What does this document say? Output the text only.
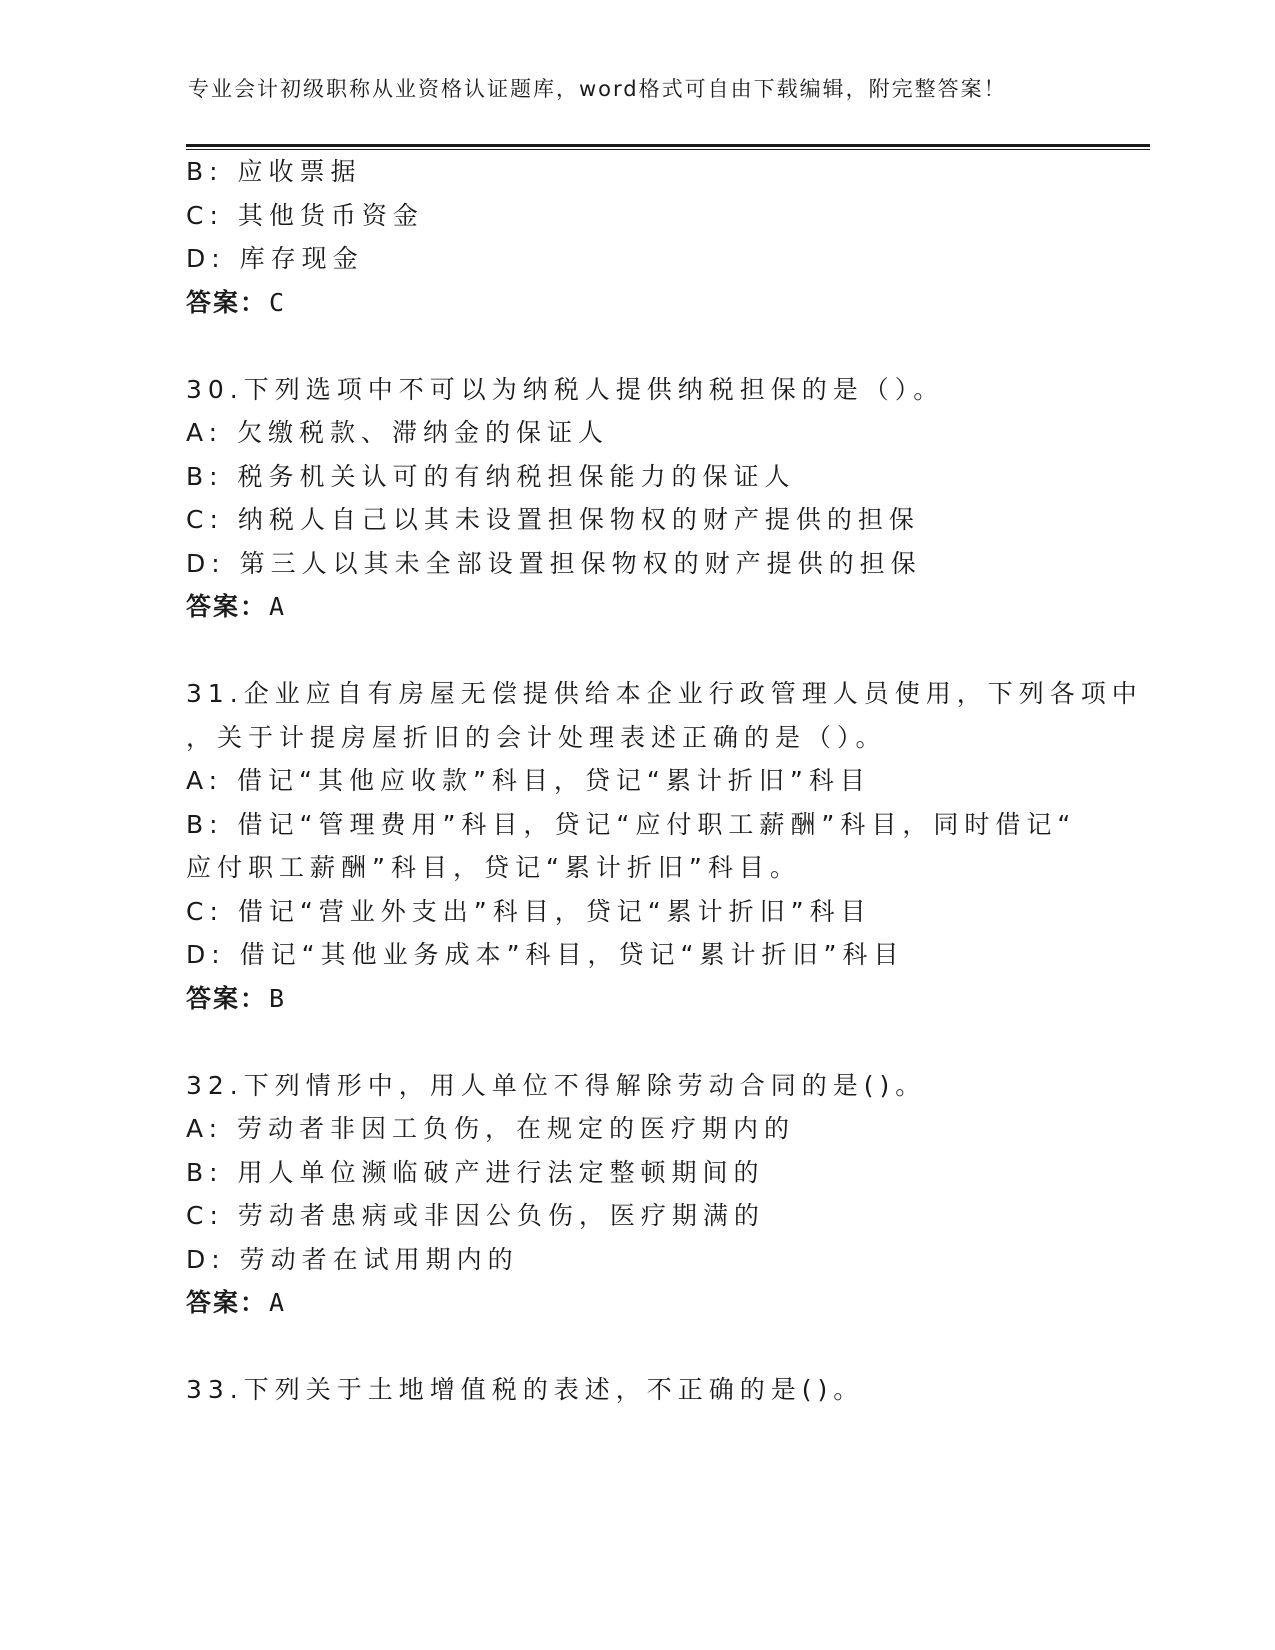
专业会计初级职称从业资格认证题库，word格式可自由下载编辑，附完整答案！
B: 应收票据
C: 其他货币资金
D: 库存现金
答案：C
30.下列选项中不可以为纳税人提供纳税担保的是（）。
A: 欠缴税款、滞纳金的保证人
B: 税务机关认可的有纳税担保能力的保证人
C: 纳税人自己以其未设置担保物权的财产提供的担保
D: 第三人以其未全部设置担保物权的财产提供的担保
答案：A
31.企业应自有房屋无偿提供给本企业行政管理人员使用，下列各项中
，关于计提房屋折旧的会计处理表述正确的是（）。
A: 借记“其他应收款”科目，贷记“累计折旧”科目
B: 借记“管理费用”科目，贷记“应付职工薪酬”科目，同时借记“
应付职工薪酬”科目，贷记“累计折旧”科目。
C: 借记“营业外支出”科目，贷记“累计折旧”科目
D: 借记“其他业务成本”科目，贷记“累计折旧”科目
答案：B
32.下列情形中，用人单位不得解除劳动合同的是()。
A: 劳动者非因工负伤，在规定的医疗期内的
B: 用人单位濒临破产进行法定整顿期间的
C: 劳动者患病或非因公负伤，医疗期满的
D: 劳动者在试用期内的
答案：A
33.下列关于土地增值税的表述，不正确的是()。
